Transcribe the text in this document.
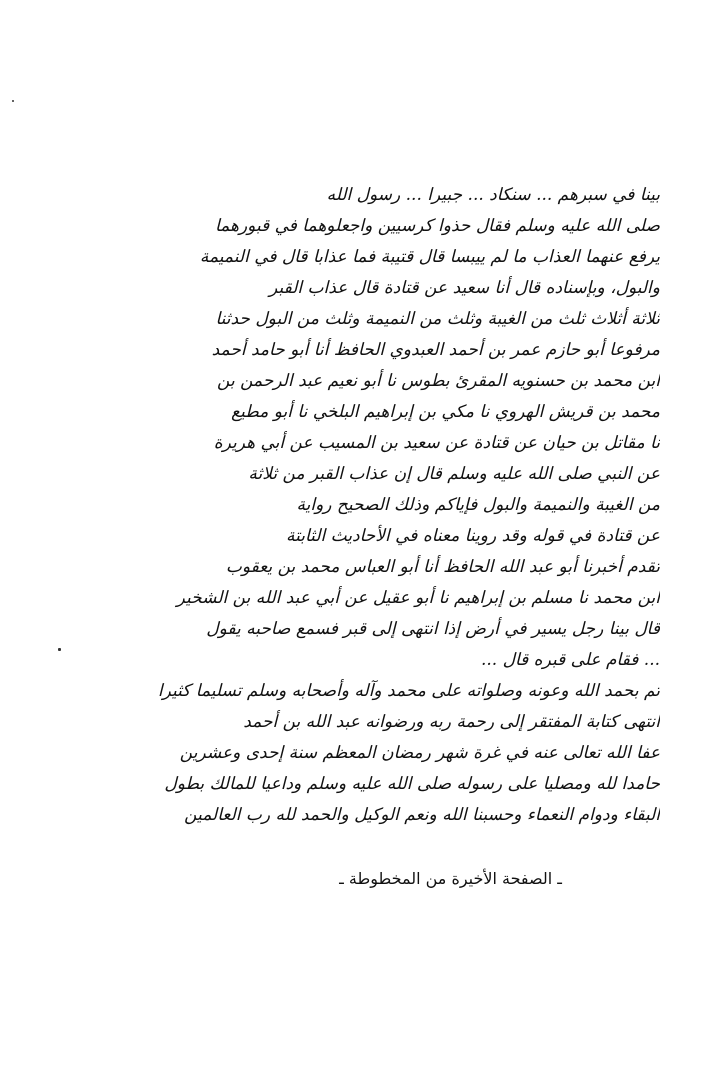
بينا في سبرهم ... سنكاد ... جبيرا ... رسول الله
صلى الله عليه وسلم فقال حذوا كرسيين واجعلوهما في قبورهما
يرفع عنهما العذاب ما لم ييبسا قال قتيبة فما عذابا قال في النميمة
والبول، وبإسناده قال أنا سعيد عن قتادة قال عذاب القبر
ثلاثة أثلاث ثلث من الغيبة وثلث من النميمة وثلث من البول حدثنا
مرفوعا أبو حازم عمر بن أحمد العبدوي الحافظ أنا أبو حامد أحمد
ابن محمد بن حسنويه المقرئ بطوس نا أبو نعيم عبد الرحمن بن
محمد بن قريش الهروي نا مكي بن إبراهيم البلخي نا أبو مطيع
نا مقاتل بن حيان عن قتادة عن سعيد بن المسيب عن أبي هريرة
عن النبي صلى الله عليه وسلم قال إن عذاب القبر من ثلاثة
من الغيبة والنميمة والبول فإياكم وذلك الصحيح رواية
عن قتادة في قوله وقد روينا معناه في الأحاديث الثابتة
تقدم أخبرنا أبو عبد الله الحافظ أنا أبو العباس محمد بن يعقوب
ابن محمد نا مسلم بن إبراهيم نا أبو عقيل عن أبي عبد الله بن الشخير
قال بينا رجل يسير في أرض إذا انتهى إلى قبر فسمع صاحبه يقول
... فقام على قبره قال ...
تم بحمد الله وعونه وصلواته على محمد وآله وأصحابه وسلم تسليما كثيرا
انتهى كتابة المفتقر إلى رحمة ربه ورضوانه عبد الله بن أحمد
عفا الله تعالى عنه في غرة شهر رمضان المعظم سنة إحدى وعشرين
حامدا لله ومصليا على رسوله صلى الله عليه وسلم وداعيا للمالك بطول
البقاء ودوام النعماء وحسبنا الله ونعم الوكيل والحمد لله رب العالمين
ـ الصفحة الأخيرة من المخطوطة ـ
